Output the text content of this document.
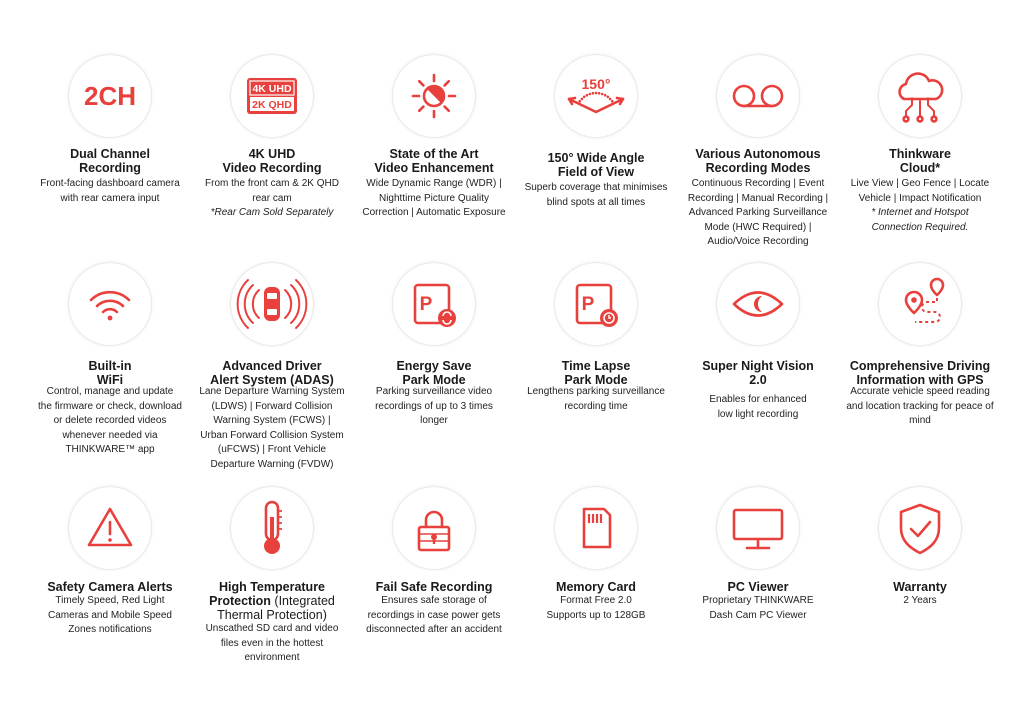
2CH
Dual Channel
Recording
Front-facing dashboard camera
with rear camera input
4K UHD
2K QHD
4K UHD
Video Recording
From the front cam & 2K QHD
rear cam
*Rear Cam Sold Separately
State of the Art
Video Enhancement
Wide Dynamic Range (WDR) |
Nighttime Picture Quality
Correction | Automatic Exposure
150°
150° Wide Angle
Field of View
Superb coverage that minimises
blind spots at all times
Various Autonomous
Recording Modes
Continuous Recording | Event
Recording | Manual Recording |
Advanced Parking Surveillance
Mode (HWC Required) |
Audio/Voice Recording
Thinkware
Cloud*
Live View | Geo Fence | Locate
Vehicle | Impact Notification
* Internet and Hotspot
Connection Required.
Built-in
WiFi
Control, manage and update
the firmware or check, download
or delete recorded videos
whenever needed via
THINKWARE™ app
Advanced Driver
Alert System (ADAS)
Lane Departure Warning System
(LDWS) | Forward Collision
Warning System (FCWS) |
Urban Forward Collision System
(uFCWS) | Front Vehicle
Departure Warning (FVDW)
P
Energy Save
Park Mode
Parking surveillance video
recordings of up to 3 times
longer
P
Time Lapse
Park Mode
Lengthens parking surveillance
recording time
Super Night Vision
2.0
Enables for enhanced
low light recording
Comprehensive Driving
Information with GPS
Accurate vehicle speed reading
and location tracking for peace of
mind
Safety Camera Alerts
Timely Speed, Red Light
Cameras and Mobile Speed
Zones notifications
High Temperature
Protection (Integrated
Thermal Protection)
Unscathed SD card and video
files even in the hottest
environment
Fail Safe Recording
Ensures safe storage of
recordings in case power gets
disconnected after an accident
Memory Card
Format Free 2.0
Supports up to 128GB
PC Viewer
Proprietary THINKWARE
Dash Cam PC Viewer
Warranty
2 Years
